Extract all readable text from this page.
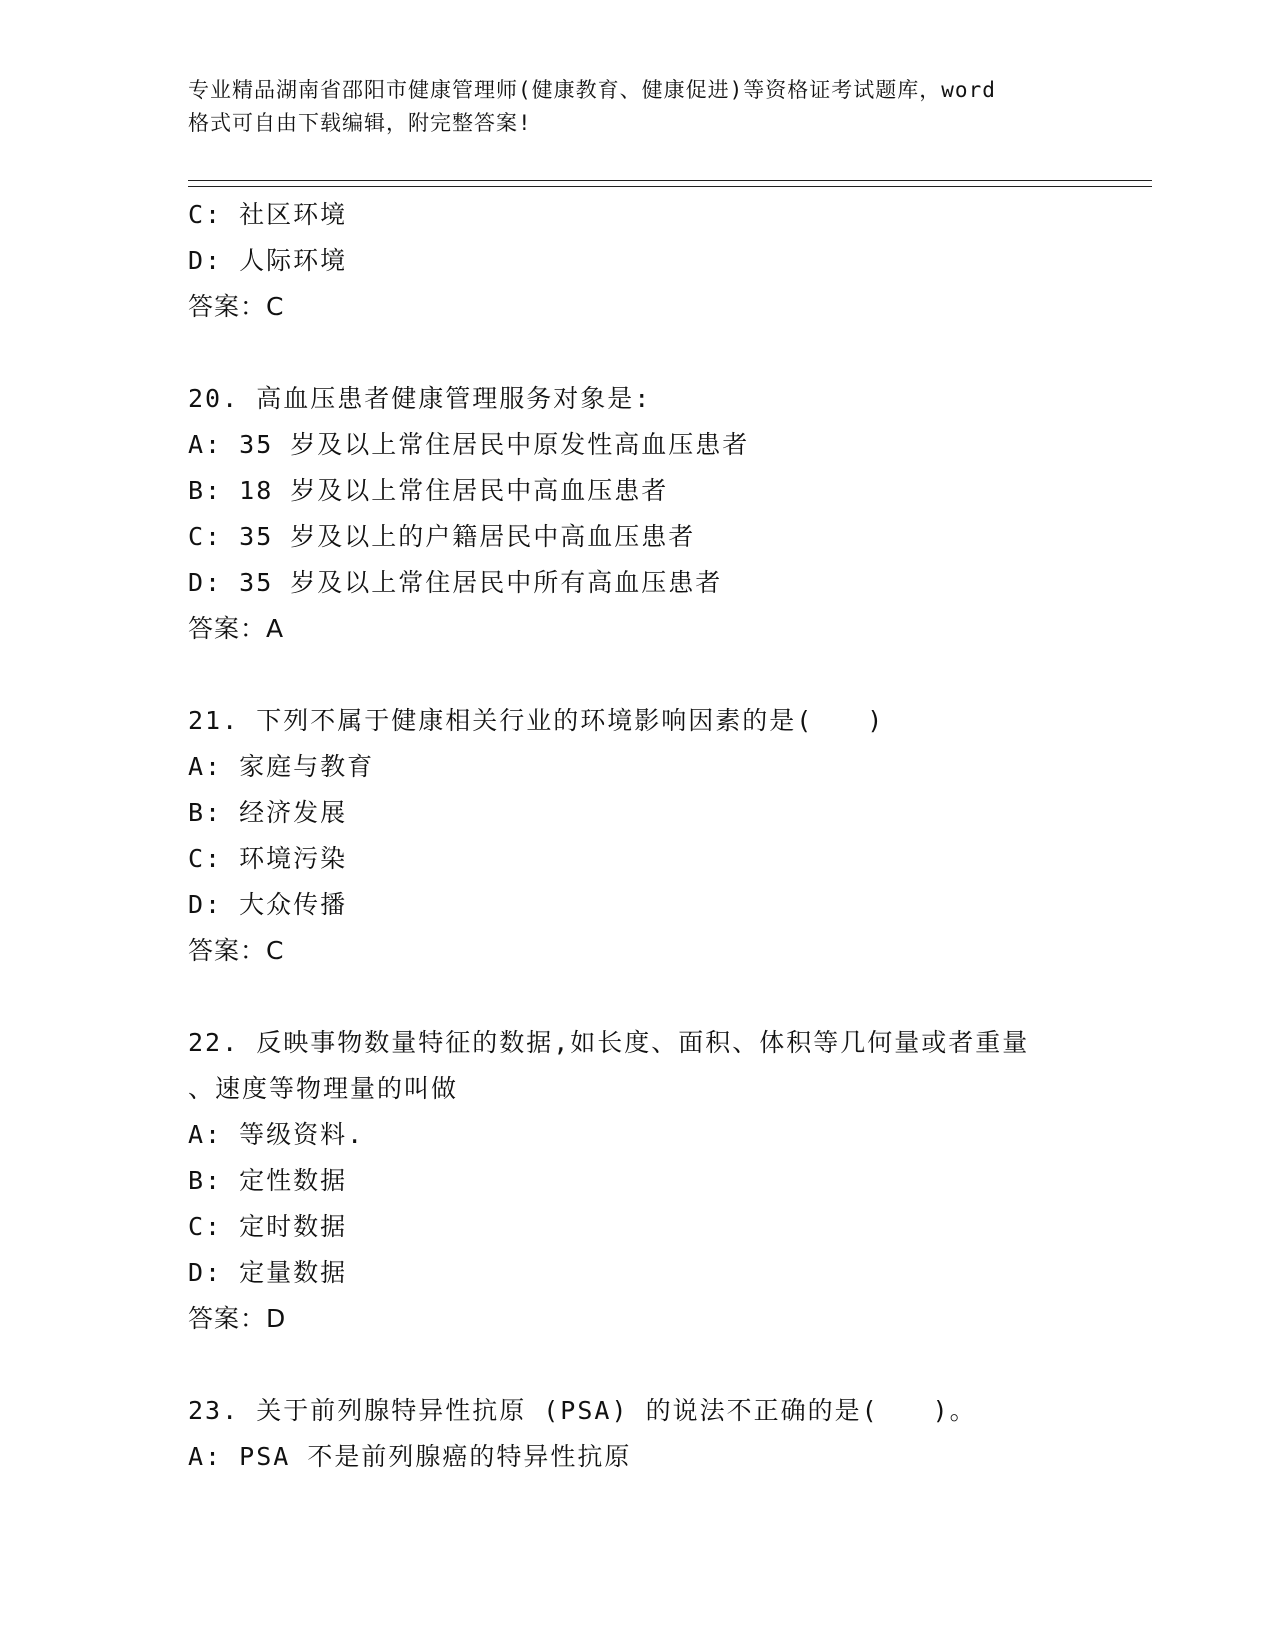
专业精品湖南省邵阳市健康管理师(健康教育、健康促进)等资格证考试题库，word
格式可自由下载编辑，附完整答案!
C: 社区环境
D: 人际环境
答案：C
20. 高血压患者健康管理服务对象是:
A: 35 岁及以上常住居民中原发性高血压患者
B: 18 岁及以上常住居民中高血压患者
C: 35 岁及以上的户籍居民中高血压患者
D: 35 岁及以上常住居民中所有高血压患者
答案：A
21. 下列不属于健康相关行业的环境影响因素的是(　　)
A: 家庭与教育
B: 经济发展
C: 环境污染
D: 大众传播
答案：C
22. 反映事物数量特征的数据,如长度、面积、体积等几何量或者重量
、速度等物理量的叫做
A: 等级资料.
B: 定性数据
C: 定时数据
D: 定量数据
答案：D
23. 关于前列腺特异性抗原 (PSA) 的说法不正确的是(　　)。
A: PSA 不是前列腺癌的特异性抗原
